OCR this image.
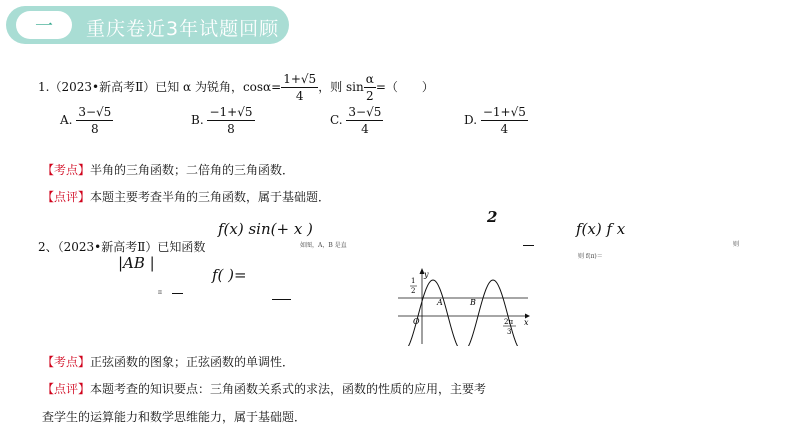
一	重庆卷近3年试题回顾
1.（2023•新高考Ⅱ）已知 α 为锐角，$\cos\alpha= \frac{1+√5}{4}$ ，则 $\sin \frac{\alpha}{2}$ =（　　）
A. $\frac{3-√5}{8}$	B. $\frac{-1+√5}{8}$	C. $\frac{3-√5}{4}$	D. $\frac{-1+√5}{4}$
【考点】半角的三角函数；二倍角的三角函数．
【点评】本题主要考查半角的三角函数，属于基础题．
2、（2023•新高考Ⅱ）已知函数
f(x) sin(+ x )
如图，A，B 是直
2
f(x) f x
则 f(π)＝
则
|AB |
π
f( )=	y
x
O
1
2
A	B
2π
3
【考点】正弦函数的图象；正弦函数的单调性．
【点评】本题考查的知识要点：三角函数关系式的求法，函数的性质的应用，主要考
查学生的运算能力和数学思维能力，属于基础题．
